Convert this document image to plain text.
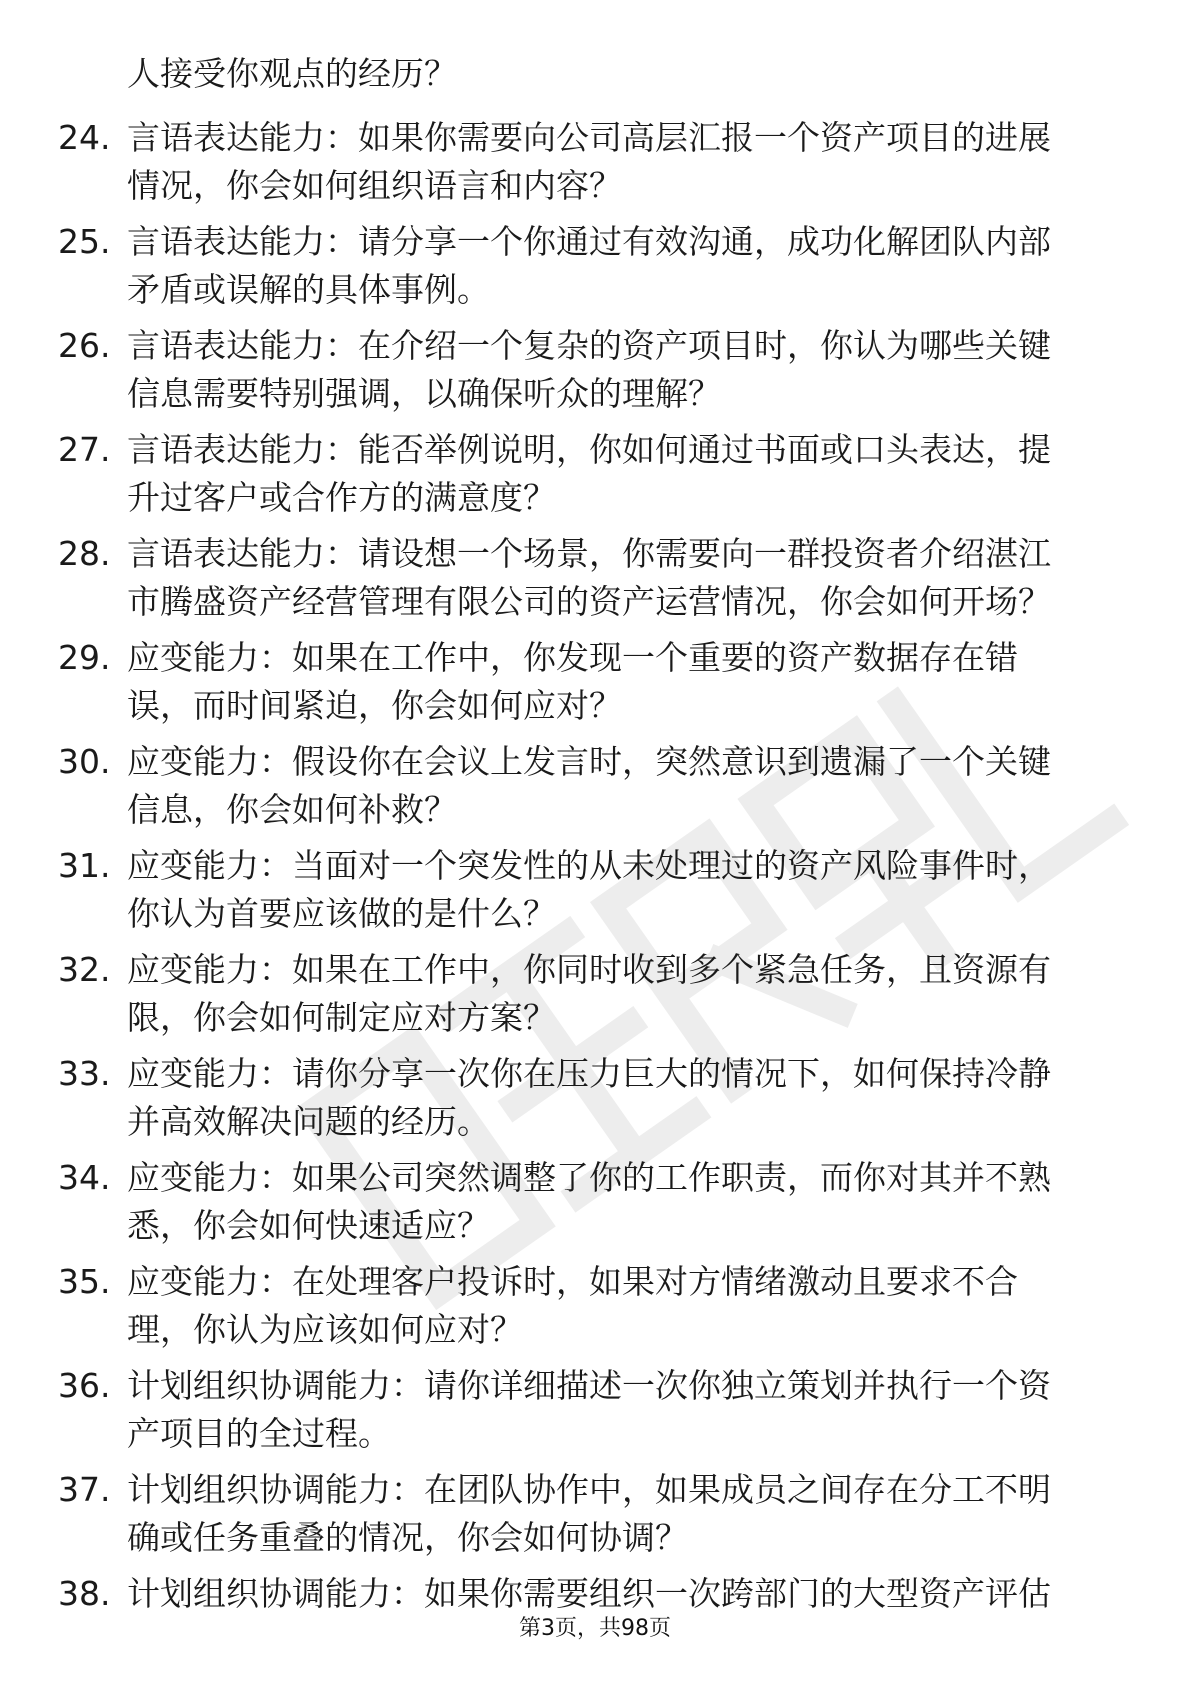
人接受你观点的经历？
24. 言语表达能力：如果你需要向公司高层汇报一个资产项目的进展
情况，你会如何组织语言和内容？
25. 言语表达能力：请分享一个你通过有效沟通，成功化解团队内部
矛盾或误解的具体事例。
26. 言语表达能力：在介绍一个复杂的资产项目时，你认为哪些关键
信息需要特别强调，以确保听众的理解？
27. 言语表达能力：能否举例说明，你如何通过书面或口头表达，提
升过客户或合作方的满意度？
28. 言语表达能力：请设想一个场景，你需要向一群投资者介绍湛江
市腾盛资产经营管理有限公司的资产运营情况，你会如何开场？
29. 应变能力：如果在工作中，你发现一个重要的资产数据存在错
误，而时间紧迫，你会如何应对？
30. 应变能力：假设你在会议上发言时，突然意识到遗漏了一个关键
信息，你会如何补救？
31. 应变能力：当面对一个突发性的从未处理过的资产风险事件时，
你认为首要应该做的是什么？
32. 应变能力：如果在工作中，你同时收到多个紧急任务，且资源有
限，你会如何制定应对方案？
33. 应变能力：请你分享一次你在压力巨大的情况下，如何保持冷静
并高效解决问题的经历。
34. 应变能力：如果公司突然调整了你的工作职责，而你对其并不熟
悉，你会如何快速适应？
35. 应变能力：在处理客户投诉时，如果对方情绪激动且要求不合
理，你认为应该如何应对？
36. 计划组织协调能力：请你详细描述一次你独立策划并执行一个资
产项目的全过程。
37. 计划组织协调能力：在团队协作中，如果成员之间存在分工不明
确或任务重叠的情况，你会如何协调？
38. 计划组织协调能力：如果你需要组织一次跨部门的大型资产评估
第3页，共98页
